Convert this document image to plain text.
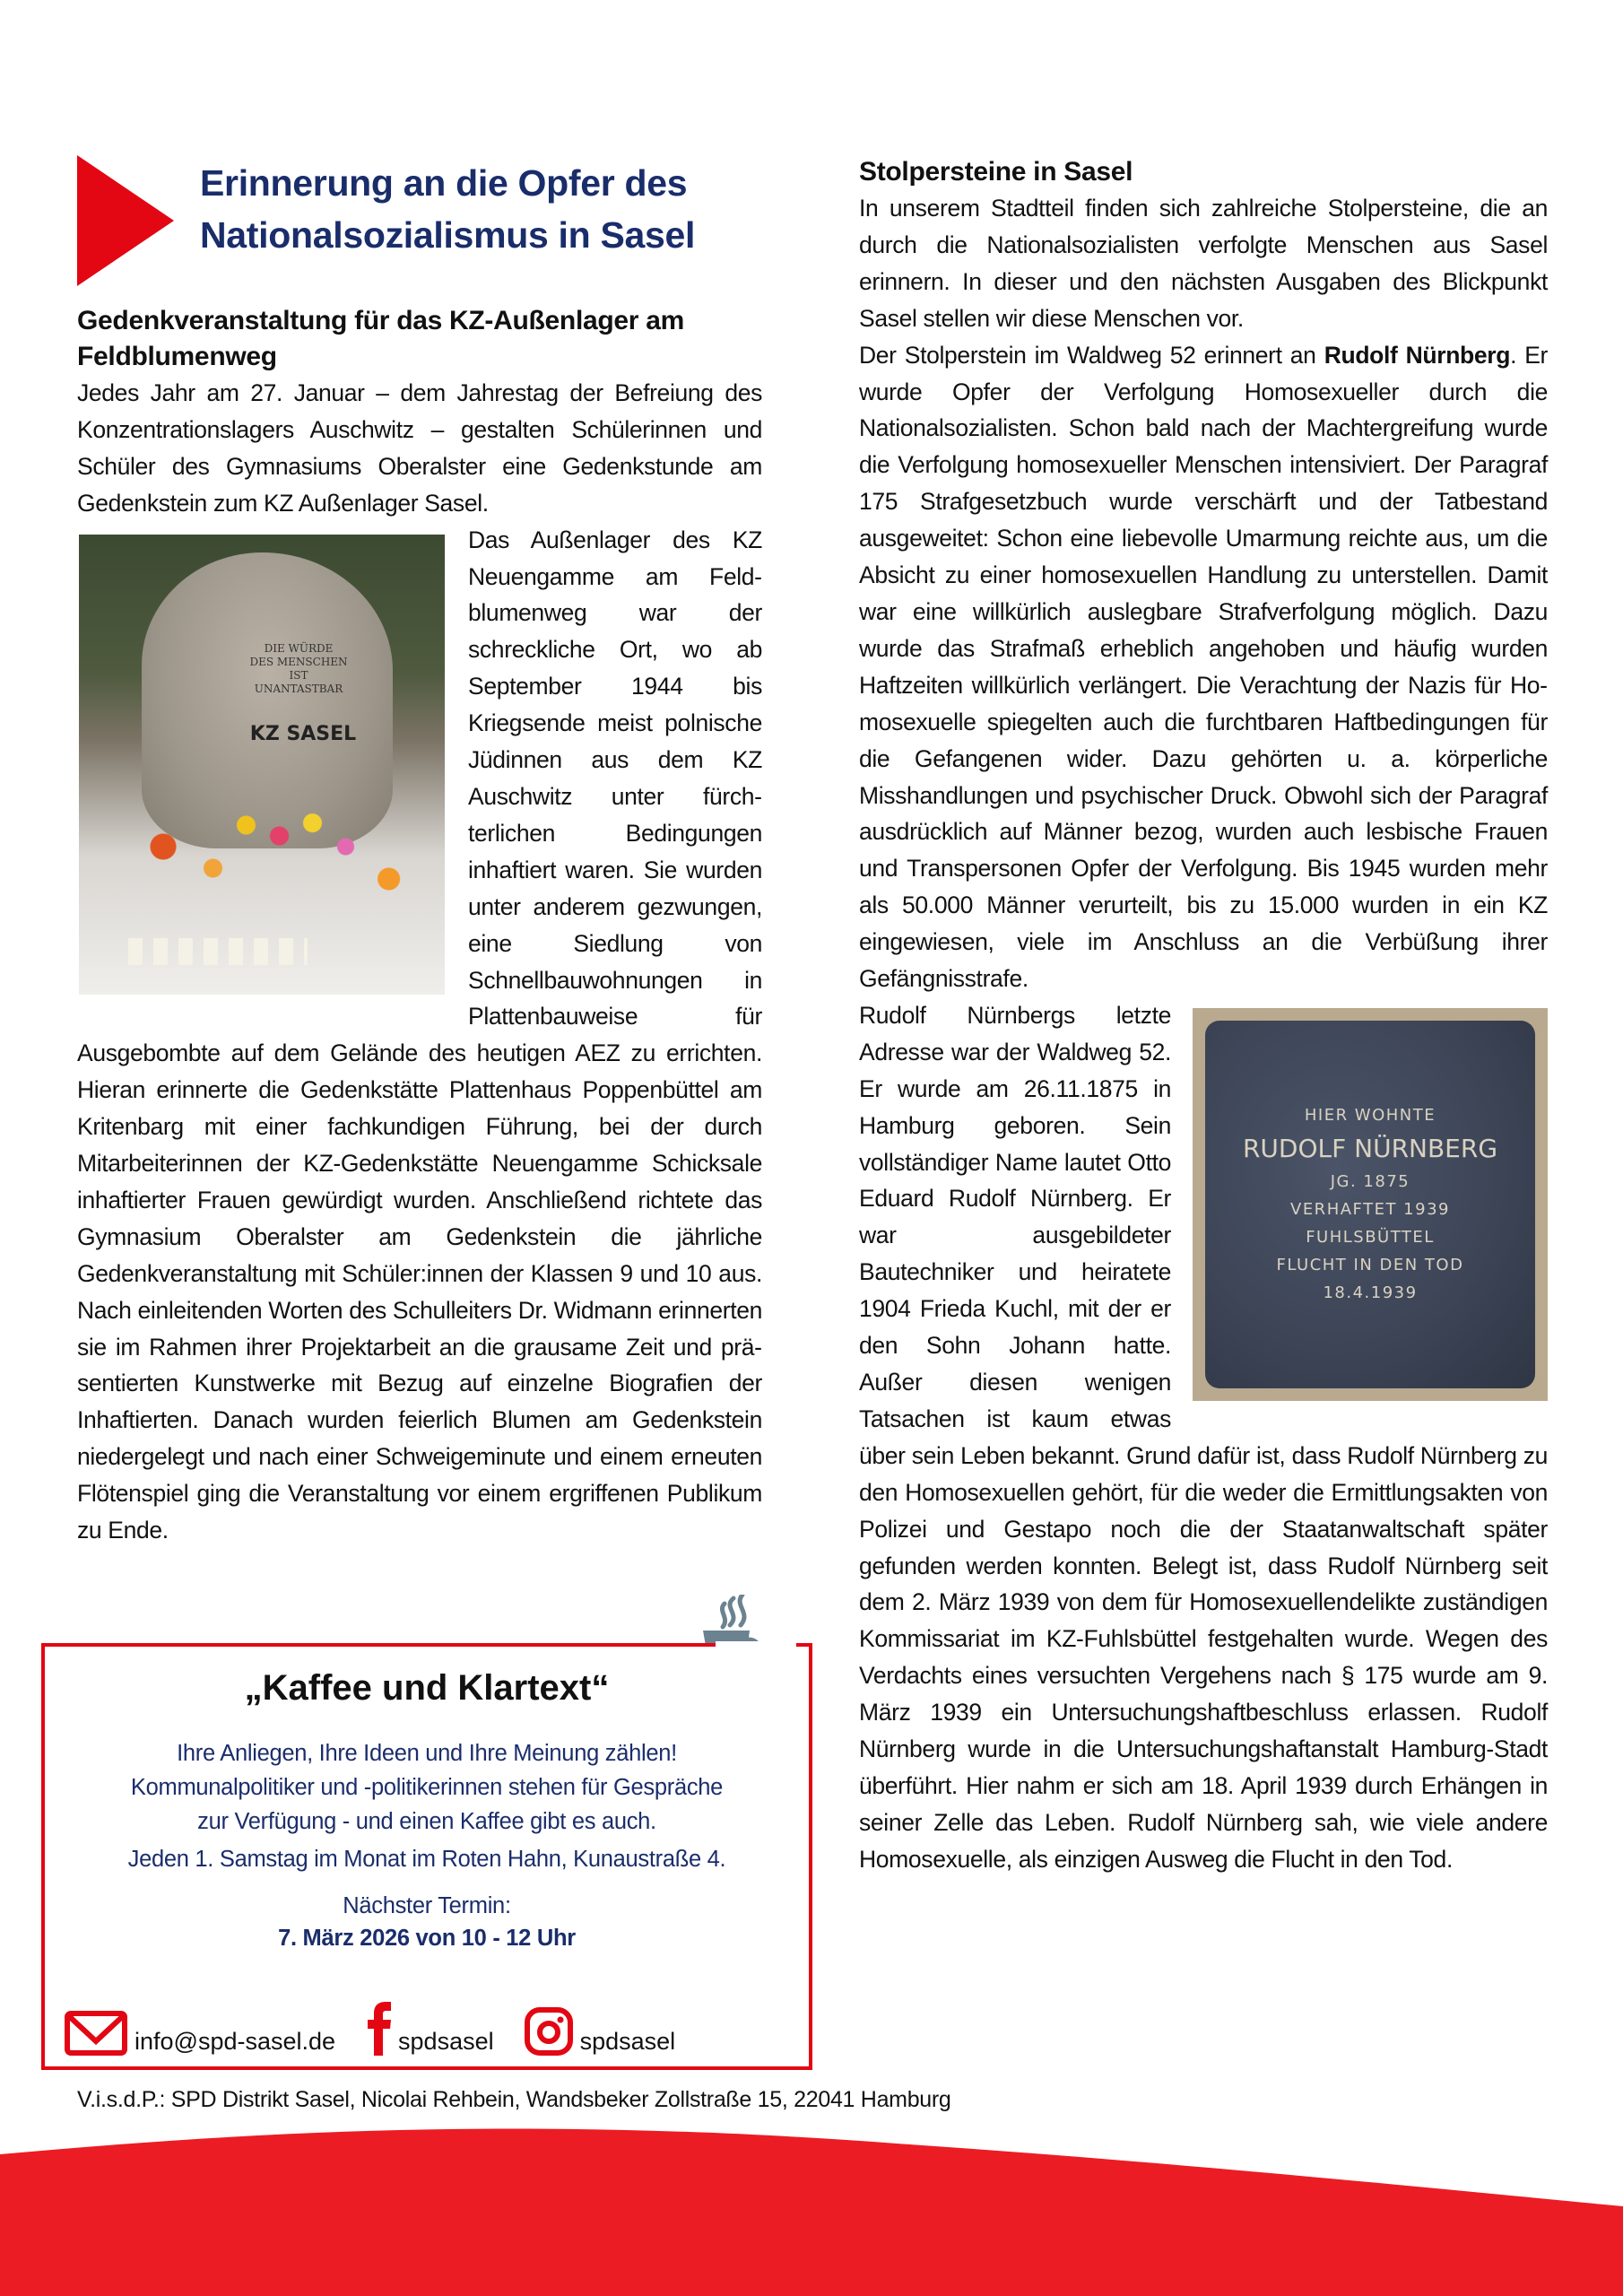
Erinnerung an die Opfer des
Nationalsozialismus in Sasel
Gedenkveranstaltung für das KZ-Außenlager am Feldblumenweg

Jedes Jahr am 27. Januar – dem Jahrestag der Befreiung des Konzentrationslagers Auschwitz – gestalten Schülerinnen und Schüler des Gymnasiums Oberalster eine Gedenkstunde am Gedenkstein zum KZ Außenlager Sasel.

DIE WÜRDE
DES MENSCHEN
IST
UNANTASTBAR
KZ SASEL

Das Außenlager des KZ Neuengamme am Feldblumenweg war der schreckliche Ort, wo ab September 1944 bis Kriegsende meist polnische Jüdinnen aus dem KZ Auschwitz unter fürchterlichen Bedingungen inhaftiert waren. Sie wurden unter anderem gezwungen, eine Siedlung von Schnellbauwohnungen in Plattenbauweise für Ausgebombte auf dem Gelände des heutigen AEZ zu errichten. Hieran erinnerte die Gedenkstätte Plattenhaus Poppenbüttel am Kritenbarg mit einer fachkundigen Führung, bei der durch Mitarbeiterinnen der KZ-Gedenkstätte Neuengamme Schicksale inhaftierter Frauen gewürdigt wurden. Anschließend richtete das Gymnasium Oberalster am Gedenkstein die jährliche Gedenkveranstaltung mit Schüler:innen der Klassen 9 und 10 aus. Nach einleitenden Worten des Schulleiters Dr. Widmann erinnerten sie im Rahmen ihrer Projektarbeit an die grausame Zeit und präsentierten Kunstwerke mit Bezug auf einzelne Biografien der Inhaftierten. Danach wurden feierlich Blumen am Gedenkstein niedergelegt und nach einer Schweigeminute und einem erneuten Flötenspiel ging die Veranstaltung vor einem ergriffenen Publikum zu Ende.

Stolpersteine in Sasel

In unserem Stadtteil finden sich zahlreiche Stolpersteine, die an durch die Nationalsozialisten verfolgte Menschen aus Sasel erinnern. In dieser und den nächsten Ausgaben des Blickpunkt Sasel stellen wir diese Menschen vor.

Der Stolperstein im Waldweg 52 erinnert an Rudolf Nürnberg. Er wurde Opfer der Verfolgung Homosexueller durch die Nationalsozialisten. Schon bald nach der Machtergreifung wurde die Verfolgung homosexueller Menschen intensiviert. Der Paragraf 175 Strafgesetzbuch wurde verschärft und der Tatbestand ausgeweitet: Schon eine liebevolle Umarmung reichte aus, um die Absicht zu einer homosexuellen Handlung zu unterstellen. Damit war eine willkürlich auslegbare Strafverfolgung möglich. Dazu wurde das Strafmaß erheblich angehoben und häufig wurden Haftzeiten willkürlich verlängert. Die Verachtung der Nazis für Homosexuelle spiegelten auch die furchtbaren Haftbedingungen für die Gefangenen wider. Dazu gehörten u. a. körperliche Misshandlungen und psychischer Druck. Obwohl sich der Paragraf ausdrücklich auf Männer bezog, wurden auch lesbische Frauen und Transpersonen Opfer der Verfolgung. Bis 1945 wurden mehr als 50.000 Männer verurteilt, bis zu 15.000 wurden in ein KZ eingewiesen, viele im Anschluss an die Verbüßung ihrer Gefängnisstrafe.

HIER WOHNTE
RUDOLF NÜRNBERG
JG. 1875
VERHAFTET 1939
FUHLSBÜTTEL
FLUCHT IN DEN TOD
18.4.1939

Rudolf Nürnbergs letzte Adresse war der Waldweg 52. Er wurde am 26.11.1875 in Hamburg geboren. Sein vollständiger Name lautet Otto Eduard Rudolf Nürnberg. Er war ausgebildeter Bautechniker und heiratete 1904 Frieda Kuchl, mit der er den Sohn Johann hatte. Außer diesen wenigen Tatsachen ist kaum etwas über sein Leben bekannt. Grund dafür ist, dass Rudolf Nürnberg zu den Homosexuellen gehört, für die weder die Ermittlungsakten von Polizei und Gestapo noch die der Staatanwaltschaft später gefunden werden konnten. Belegt ist, dass Rudolf Nürnberg seit dem 2. März 1939 von dem für Homosexuellendelikte zuständigen Kommissariat im KZ-Fuhlsbüttel festgehalten wurde. Wegen des Verdachts eines versuchten Vergehens nach § 175 wurde am 9. März 1939 ein Untersuchungshaftbeschluss erlassen. Rudolf Nürnberg wurde in die Untersuchungshaftanstalt Hamburg-Stadt überführt. Hier nahm er sich am 18. April 1939 durch Erhängen in seiner Zelle das Leben. Rudolf Nürnberg sah, wie viele andere Homosexuelle, als einzigen Ausweg die Flucht in den Tod.

„Kaffee und Klartext“
Ihre Anliegen, Ihre Ideen und Ihre Meinung zählen!
Kommunalpolitiker und -politikerinnen stehen für Gespräche
zur Verfügung - und einen Kaffee gibt es auch.
Jeden 1. Samstag im Monat im Roten Hahn, Kunaustraße 4.
Nächster Termin:
7. März 2026 von 10 - 12 Uhr
info@spd-sasel.de	spdsasel	spdsasel
V.i.s.d.P.: SPD Distrikt Sasel, Nicolai Rehbein, Wandsbeker Zollstraße 15, 22041 Hamburg
